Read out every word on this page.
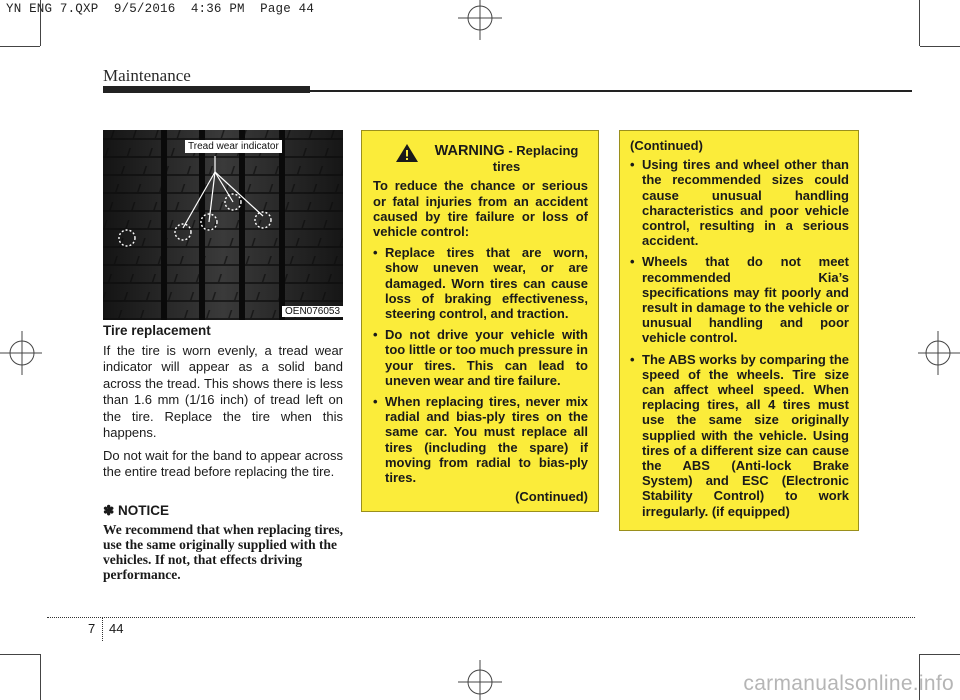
YN ENG 7.QXP  9/5/2016  4:36 PM  Page 44
Maintenance
Tread wear indicator
OEN076053
Tire replacement

If the tire is worn evenly, a tread wear indicator will appear as a solid band across the tread. This shows there is less than 1.6 mm (1/16 inch) of tread left on the tire. Replace the tire when this happens.

Do not wait for the band to appear across the entire tread before replacing the tire.

✽ NOTICE

We recommend that when replacing tires, use the same originally supplied with the vehicles. If not, that effects driving performance.

WARNING - Replacing tires

To reduce the chance or serious or fatal injuries from an accident caused by tire failure or loss of vehicle control:

• Replace tires that are worn, show uneven wear, or are damaged. Worn tires can cause loss of braking effectiveness, steering control, and traction.
• Do not drive your vehicle with too little or too much pressure in your tires. This can lead to uneven wear and tire failure.
• When replacing tires, never mix radial and bias-ply tires on the same car. You must replace all tires (including the spare) if moving from radial to bias-ply tires.
(Continued)
(Continued)
• Using tires and wheel other than the recommended sizes could cause unusual handling characteristics and poor vehicle control, resulting in a serious accident.
• Wheels that do not meet recommended Kia’s specifications may fit poorly and result in damage to the vehicle or unusual handling and poor vehicle control.
• The ABS works by comparing the speed of the wheels. Tire size can affect wheel speed. When replacing tires, all 4 tires must use the same size originally supplied with the vehicle. Using tires of a different size can cause the ABS (Anti-lock Brake System) and ESC (Electronic Stability Control) to work irregularly. (if equipped)
7 44
carmanualsonline.info
